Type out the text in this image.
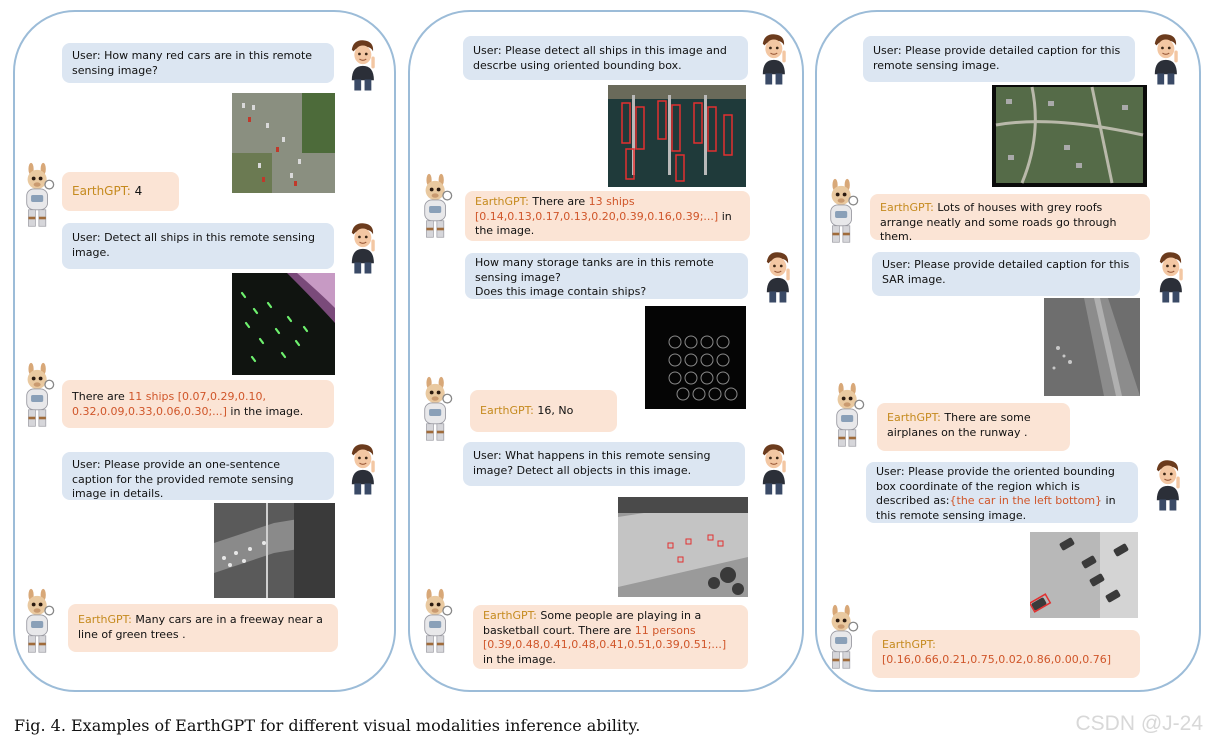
User: How many red cars are in this remote sensing image?
EarthGPT: 4
User: Detect all ships in this remote sensing image.
There are 11 ships [0.07,0.29,0.10, 0.32,0.09,0.33,0.06,0.30;...] in the image.
User: Please provide an one-sentence caption for the provided remote sensing image in details.
EarthGPT: Many cars are in a freeway near a line of green trees .
User: Please detect all ships in this image and descrbe using oriented bounding box.
EarthGPT: There are 13 ships [0.14,0.13,0.17,0.13,0.20,0.39,0.16,0.39;...] in the image.
How many storage tanks are in this remote sensing image?
Does this image contain ships?
EarthGPT: 16, No
User: What happens in this remote sensing image? Detect all objects in this image.
EarthGPT: Some people are playing in a basketball court. There are 11 persons [0.39,0.48,0.41,0.48,0.41,0.51,0.39,0.51;...] in the image.
User: Please provide detailed caption for this remote sensing image.
EarthGPT: Lots of houses with grey roofs arrange neatly and some roads go through them.
User: Please provide detailed caption for this SAR image.
EarthGPT: There are some airplanes on the runway .
User: Please provide the oriented bounding box coordinate of the region which is described as:{the car in the left bottom} in this remote sensing image.
EarthGPT:
[0.16,0.66,0.21,0.75,0.02,0.86,0.00,0.76]
Fig. 4. Examples of EarthGPT for different visual modalities inference ability.	CSDN @J-24
